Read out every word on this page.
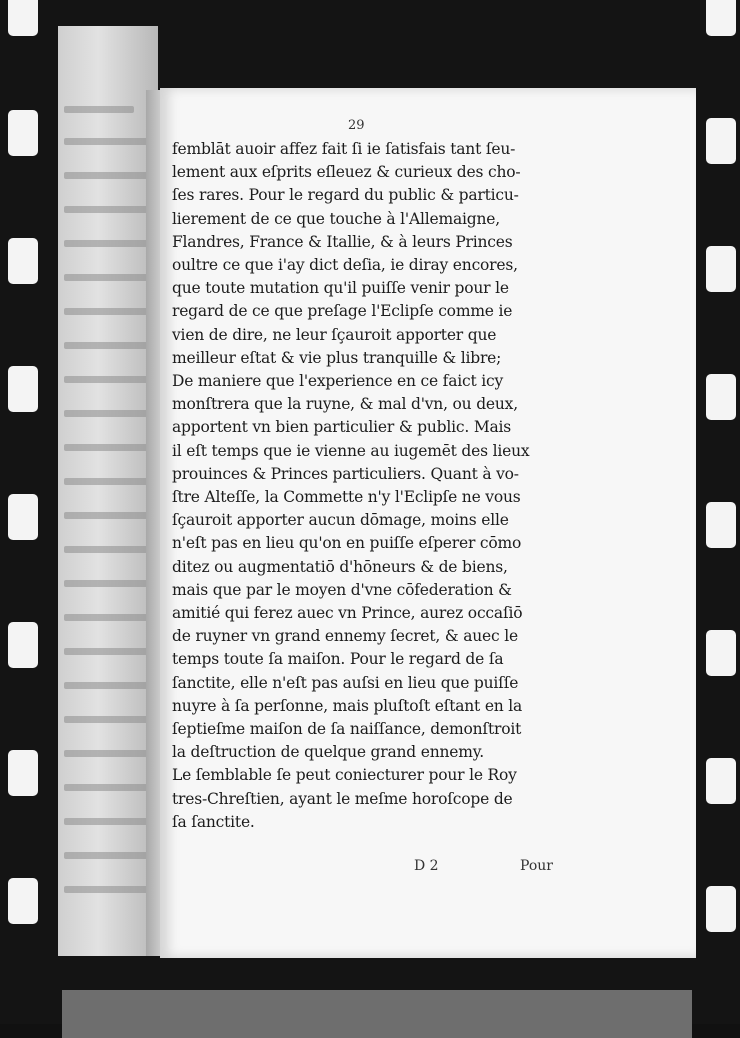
29
femblāt auoir affez fait ſi ie ſatisfais tant ſeu-
lement aux eſprits eſleuez & curieux des cho-
ſes rares. Pour le regard du public & particu-
lierement de ce que touche à l'Allemaigne,
Flandres, France & Itallie, & à leurs Princes
oultre ce que i'ay dict deſia, ie diray encores,
que toute mutation qu'il puiſſe venir pour le
regard de ce que preſage l'Eclipſe comme ie
vien de dire, ne leur ſçauroit apporter que
meilleur eſtat & vie plus tranquille & libre;
De maniere que l'experience en ce faict icy
monſtrera que la ruyne, & mal d'vn, ou deux,
apportent vn bien particulier & public. Mais
il eſt temps que ie vienne au iugemēt des lieux
prouinces & Princes particuliers. Quant à vo-
ſtre Alteſſe, la Commette n'y l'Eclipſe ne vous
ſçauroit apporter aucun dōmage, moins elle
n'eſt pas en lieu qu'on en puiſſe eſperer cōmo
ditez ou augmentatiō d'hōneurs & de biens,
mais que par le moyen d'vne cōfederation &
amitié qui ferez auec vn Prince, aurez occaſiō
de ruyner vn grand ennemy ſecret, & auec le
temps toute ſa maiſon. Pour le regard de ſa
ſanctite, elle n'eſt pas auſsi en lieu que puiſſe
nuyre à ſa perſonne, mais pluſtoſt eſtant en la
ſeptieſme maiſon de ſa naiſſance, demonſtroit
la deſtruction de quelque grand ennemy.
Le ſemblable ſe peut coniecturer pour le Roy
tres-Chreſtien, ayant le meſme horoſcope de
ſa ſanctite.
D 2	Pour
